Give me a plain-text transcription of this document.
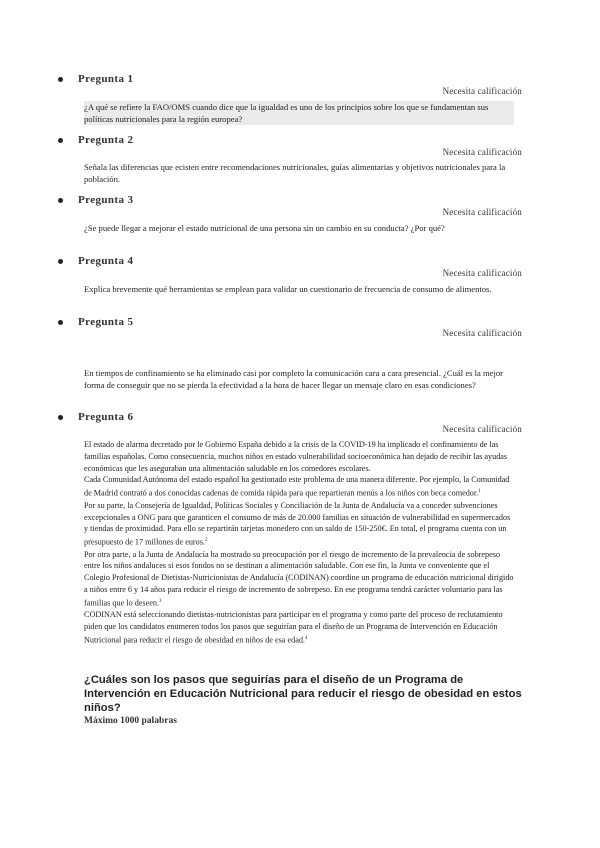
Pregunta 1
Necesita calificación
¿A qué se refiere la FAO/OMS cuando dice que la igualdad es uno de los principios sobre los que se fundamentan sus políticas nutricionales para la región europea?
Pregunta 2
Necesita calificación
Señala las diferencias que ecisten entre recomendaciones nutricionales, guías alimentarias y objetivos nutricionales para la población.
Pregunta 3
Necesita calificación
¿Se puede llegar a mejorar el estado nutricional de una persona sin un cambio en su conducta? ¿Por qué?
Pregunta 4
Necesita calificación
Explica brevemente qué herramientas se emplean para validar un cuestionario de frecuencia de consumo de alimentos.
Pregunta 5
Necesita calificación
En tiempos de confinamiento se ha eliminado casi por completo la comunicación cara a cara presencial. ¿Cuál es la mejor forma de conseguir que no se pierda la efectividad a la hora de hacer llegar un mensaje claro en esas condiciones?
Pregunta 6
Necesita calificación

El estado de alarma decretado por le Gobierno España debido a la crisis de la COVID-19 ha implicado el confinamiento de las familias españolas. Como consecuencia, muchos niños en estado vulnerabilidad socioeconómica han dejado de recibir las ayudas económicas que les aseguraban una alimentación saludable en los comedores escolares.

Cada Comunidad Autónoma del estado español ha gestionado este problema de una manera diferente. Por ejemplo, la Comunidad de Madrid contrató a dos conocidas cadenas de comida rápida para que repartieran menús a los niños con beca comedor.$^1$

Por su parte, la Consejería de Igualdad, Políticas Sociales y Conciliación de la Junta de Andalucía va a conceder subvenciones excepcionales a ONG para que garanticen el consumo de más de 20.000 familias en situación de vulnerabilidad en supermercados y tiendas de proximidad. Para ello se repartirán tarjetas monedero con un saldo de 150-250€. En total, el programa cuenta con un presupuesto de 17 millones de euros.$^2$

Por otra parte, a la Junta de Andalucía ha mostrado su preocupación por el riesgo de incremento de la prevalencia de sobrepeso entre los niños andaluces si esos fondos no se destinan a alimentación saludable. Con ese fin, la Junta ve conveniente que el Colegio Profesional de Dietistas-Nutricionistas de Andalucía (CODINAN) coordine un programa de educación nutricional dirigido a niños entre 6 y 14 años para reducir el riesgo de incremento de sobrepeso. En ese programa tendrá carácter voluntario para las familias que lo deseen.$^3$

CODINAN está seleccionando dietistas-nutricionistas para participar en el programa y como parte del proceso de reclutamiento piden que los candidatos enumeren todos los pasos que seguirían para el diseño de un Programa de Intervención en Educación Nutricional para reducir el riesgo de obesidad en niños de esa edad.$^4$

¿Cuáles son los pasos que seguirías para el diseño de un Programa de Intervención en Educación Nutricional para reducir el riesgo de obesidad en estos niños?
Máximo 1000 palabras
